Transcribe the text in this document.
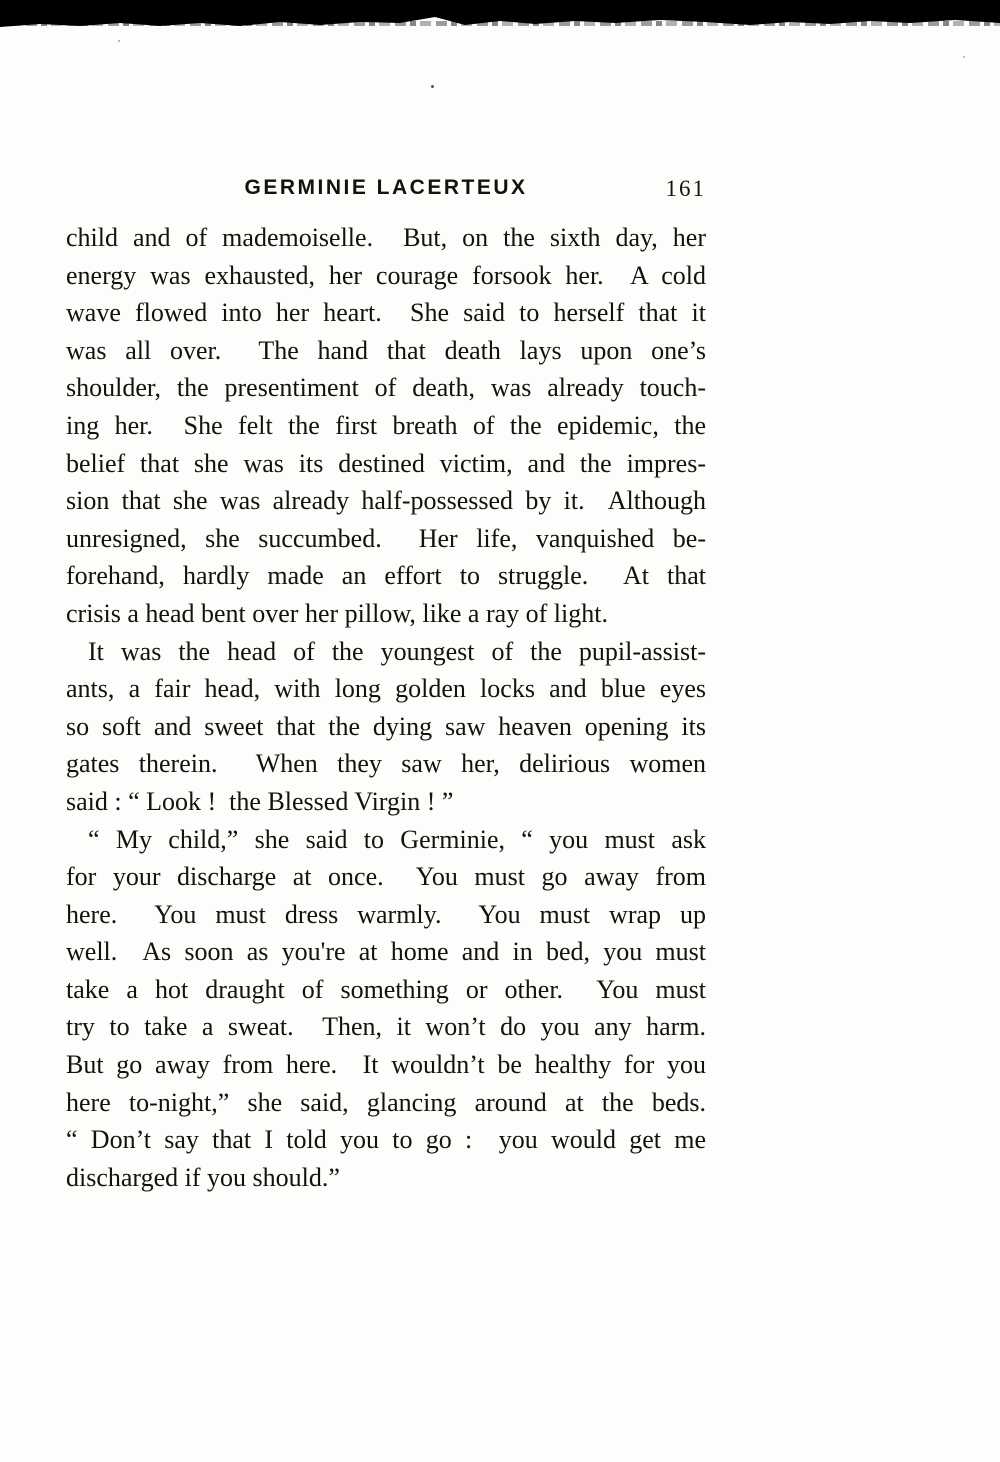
GERMINIE LACERTEUX	161
child and of mademoiselle.  But, on the sixth day, her
energy was exhausted, her courage forsook her.  A cold
wave flowed into her heart.  She said to herself that it
was all over.  The hand that death lays upon one’s
shoulder, the presentiment of death, was already touch-
ing her.  She felt the first breath of the epidemic, the
belief that she was its destined victim, and the impres-
sion that she was already half-possessed by it.  Although
unresigned, she succumbed.  Her life, vanquished be-
forehand, hardly made an effort to struggle.  At that
crisis a head bent over her pillow, like a ray of light.
It was the head of the youngest of the pupil-assist-
ants, a fair head, with long golden locks and blue eyes
so soft and sweet that the dying saw heaven opening its
gates therein.  When they saw her, delirious women
said : “ Look !  the Blessed Virgin ! ”
“ My child,” she said to Germinie, “ you must ask
for your discharge at once.  You must go away from
here.  You must dress warmly.  You must wrap up
well.  As soon as you're at home and in bed, you must
take a hot draught of something or other.  You must
try to take a sweat.  Then, it won’t do you any harm.
But go away from here.  It wouldn’t be healthy for you
here to-night,” she said, glancing around at the beds.
“ Don’t say that I told you to go :  you would get me
discharged if you should.”
